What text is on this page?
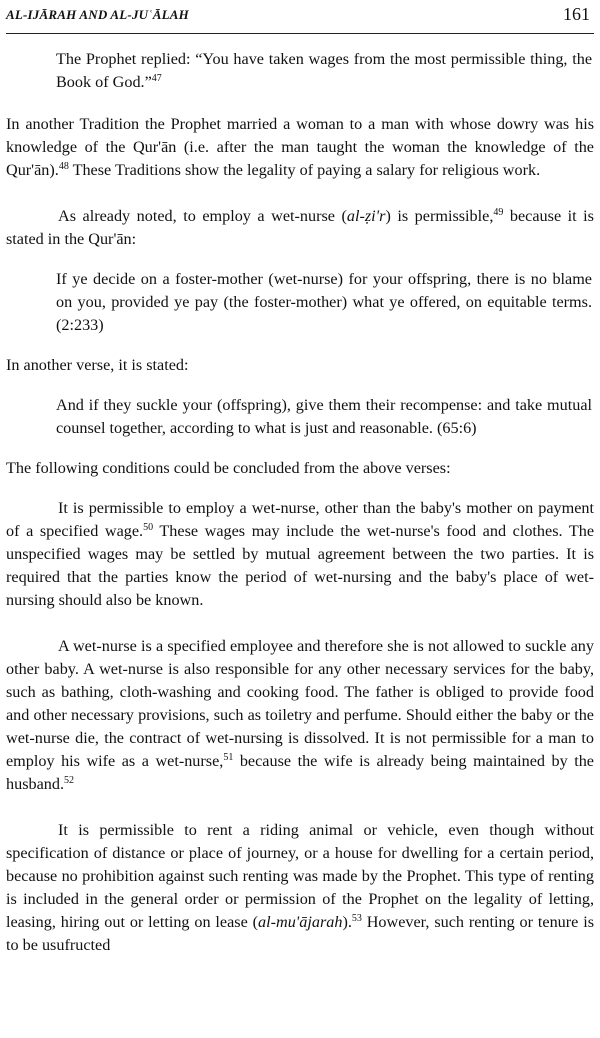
AL-IJĀRAH AND AL-JUʿĀLAH	161

The Prophet replied: “You have taken wages from the most permissible thing, the Book of God.”$^{47}$

In another Tradition the Prophet married a woman to a man with whose dowry was his knowledge of the Qur'ān (i.e. after the man taught the woman the knowledge of the Qur'ān).$^{48}$ These Traditions show the legality of paying a salary for religious work.

As already noted, to employ a wet-nurse (al-ẓi'r) is permissible,$^{49}$ because it is stated in the Qur'ān:

If ye decide on a foster-mother (wet-nurse) for your offspring, there is no blame on you, provided ye pay (the foster-mother) what ye offered, on equitable terms. (2:233)

In another verse, it is stated:

And if they suckle your (offspring), give them their recompense: and take mutual counsel together, according to what is just and reasonable. (65:6)

The following conditions could be concluded from the above verses:

It is permissible to employ a wet-nurse, other than the baby's mother on payment of a specified wage.$^{50}$ These wages may include the wet-nurse's food and clothes. The unspecified wages may be settled by mutual agreement between the two parties. It is required that the parties know the period of wet-nursing and the baby's place of wet-nursing should also be known.

A wet-nurse is a specified employee and therefore she is not allowed to suckle any other baby. A wet-nurse is also responsible for any other necessary services for the baby, such as bathing, cloth-washing and cooking food. The father is obliged to provide food and other necessary provisions, such as toiletry and perfume. Should either the baby or the wet-nurse die, the contract of wet-nursing is dissolved. It is not permissible for a man to employ his wife as a wet-nurse,$^{51}$ because the wife is already being maintained by the husband.$^{52}$

It is permissible to rent a riding animal or vehicle, even though without specification of distance or place of journey, or a house for dwelling for a certain period, because no prohibition against such renting was made by the Prophet. This type of renting is included in the general order or permission of the Prophet on the legality of letting, leasing, hiring out or letting on lease (al-mu'ājarah).$^{53}$ However, such renting or tenure is to be usufructed
